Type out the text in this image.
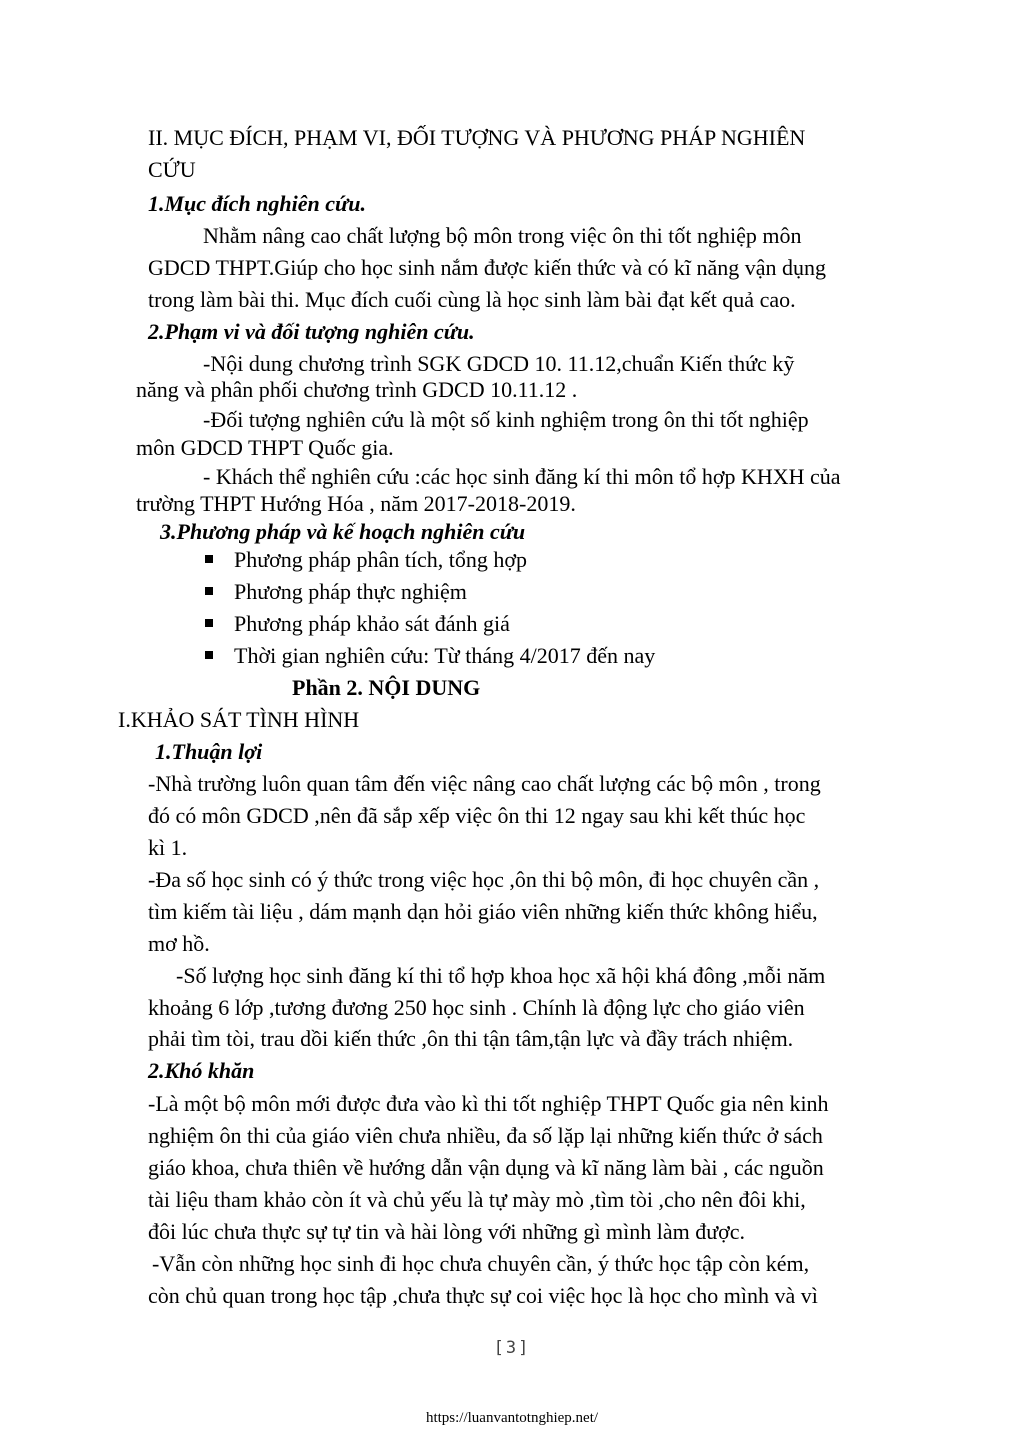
II. MỤC ĐÍCH, PHẠM VI, ĐỐI TƯỢNG VÀ PHƯƠNG PHÁP NGHIÊN
CỨU
1.Mục đích nghiên cứu.
Nhằm nâng cao chất lượng bộ môn trong việc ôn thi tốt nghiệp môn
GDCD THPT.Giúp cho học sinh nắm được kiến thức và có kĩ năng vận dụng
trong làm bài thi. Mục đích cuối cùng là học sinh làm bài đạt kết quả cao.
2.Phạm vi và đối tượng nghiên cứu.
-Nội dung chương trình SGK GDCD 10. 11.12,chuẩn Kiến thức kỹ
năng và phân phối chương trình GDCD 10.11.12 .
-Đối tượng nghiên cứu là một số kinh nghiệm trong ôn thi tốt nghiệp
môn GDCD THPT Quốc gia.
- Khách thể nghiên cứu :các học sinh đăng kí thi môn tổ hợp KHXH của
trường THPT Hướng Hóa , năm 2017-2018-2019.
3.Phương pháp và kế hoạch nghiên cứu
Phương pháp phân tích, tổng hợp
Phương pháp thực nghiệm
Phương pháp khảo sát đánh giá
Thời gian nghiên cứu: Từ tháng 4/2017 đến nay
Phần 2. NỘI DUNG
I.KHẢO SÁT TÌNH HÌNH
1.Thuận lợi
-Nhà trường luôn quan tâm đến việc nâng cao chất lượng các bộ môn , trong
đó có môn GDCD ,nên đã sắp xếp việc ôn thi 12 ngay sau khi kết thúc học
kì 1.
-Đa số học sinh có ý thức trong việc học ,ôn thi bộ môn, đi học chuyên cần ,
tìm kiếm tài liệu , dám mạnh dạn hỏi giáo viên những kiến thức không hiểu,
mơ hồ.
-Số lượng học sinh đăng kí thi tổ hợp khoa học xã hội khá đông ,mỗi năm
khoảng 6 lớp ,tương đương 250 học sinh . Chính là động lực cho giáo viên
phải tìm tòi, trau dồi kiến thức ,ôn thi tận tâm,tận lực và đầy trách nhiệm.
2.Khó khăn
-Là một bộ môn mới được đưa vào kì thi tốt nghiệp THPT Quốc gia nên kinh
nghiệm ôn thi của giáo viên chưa nhiều, đa số lặp lại những kiến thức ở sách
giáo khoa, chưa thiên về hướng dẫn vận dụng và kĩ năng làm bài , các nguồn
tài liệu tham khảo còn ít và chủ yếu là tự mày mò ,tìm tòi ,cho nên đôi khi,
đôi lúc chưa thực sự tự tin và hài lòng với những gì mình làm được.
-Vẫn còn những học sinh đi học chưa chuyên cần, ý thức học tập còn kém,
còn chủ quan trong học tập ,chưa thực sự coi việc học là học cho mình và vì
[3]
https://luanvantotnghiep.net/
